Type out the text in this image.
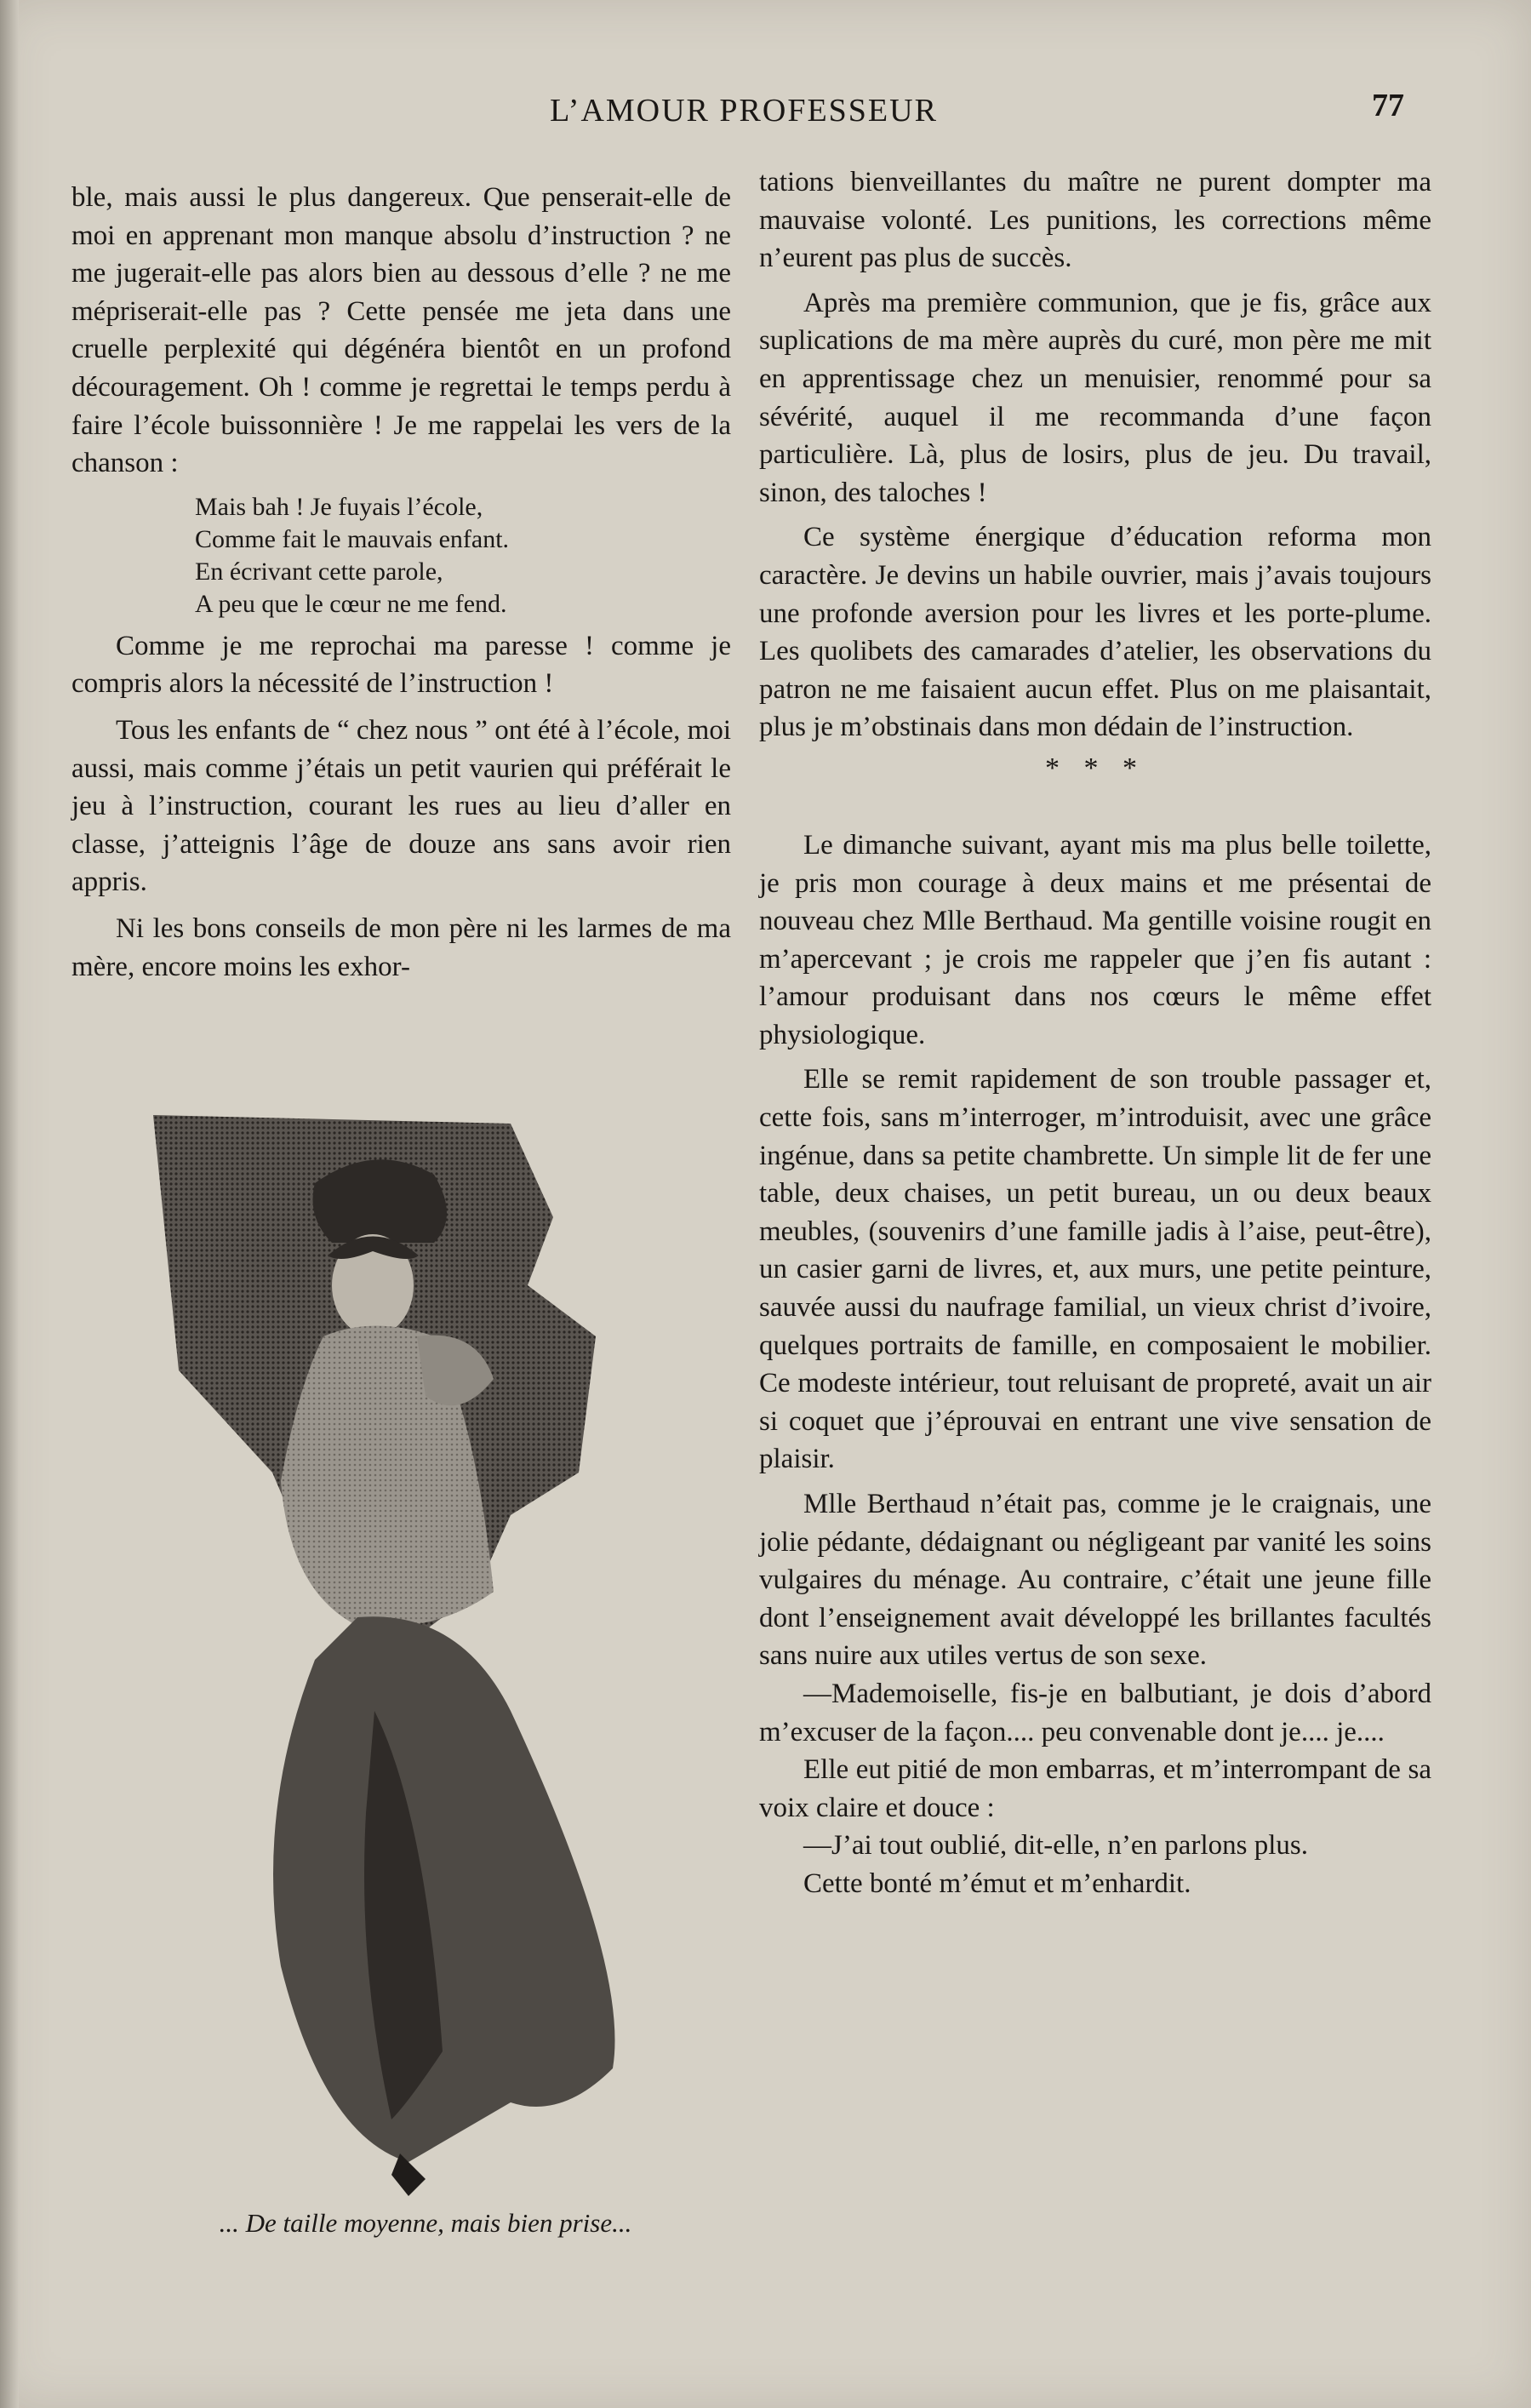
L’AMOUR PROFESSEUR	77

ble, mais aussi le plus dangereux. Que penserait-elle de moi en apprenant mon manque absolu d’instruction ? ne me jugerait-elle pas alors bien au dessous d’elle ? ne me mépriserait-elle pas ? Cette pensée me jeta dans une cruelle perplexité qui dégénéra bientôt en un profond découragement. Oh ! comme je regrettai le temps perdu à faire l’école buissonnière ! Je me rappelai les vers de la chanson :

Mais bah ! Je fuyais l’école,
Comme fait le mauvais enfant.
En écrivant cette parole,
A peu que le cœur ne me fend.

Comme je me reprochai ma paresse ! comme je compris alors la nécessité de l’instruction !

Tous les enfants de “ chez nous ” ont été à l’école, moi aussi, mais comme j’étais un petit vaurien qui préférait le jeu à l’instruction, courant les rues au lieu d’aller en classe, j’atteignis l’âge de douze ans sans avoir rien appris.

Ni les bons conseils de mon père ni les larmes de ma mère, encore moins les exhor-

... De taille moyenne, mais bien prise...

tations bienveillantes du maître ne purent dompter ma mauvaise volonté. Les punitions, les corrections même n’eurent pas plus de succès.

Après ma première communion, que je fis, grâce aux suplications de ma mère auprès du curé, mon père me mit en apprentissage chez un menuisier, renommé pour sa sévérité, auquel il me recommanda d’une façon particulière. Là, plus de losirs, plus de jeu. Du travail, sinon, des taloches !

Ce système énergique d’éducation reforma mon caractère. Je devins un habile ouvrier, mais j’avais toujours une profonde aversion pour les livres et les porte-plume. Les quolibets des camarades d’atelier, les observations du patron ne me faisaient aucun effet. Plus on me plaisantait, plus je m’obstinais dans mon dédain de l’instruction.

* * *

Le dimanche suivant, ayant mis ma plus belle toilette, je pris mon courage à deux mains et me présentai de nouveau chez Mlle Berthaud. Ma gentille voisine rougit en m’apercevant ; je crois me rappeler que j’en fis autant : l’amour produisant dans nos cœurs le même effet physiologique.

Elle se remit rapidement de son trouble passager et, cette fois, sans m’interroger, m’introduisit, avec une grâce ingénue, dans sa petite chambrette. Un simple lit de fer une table, deux chaises, un petit bureau, un ou deux beaux meubles, (souvenirs d’une famille jadis à l’aise, peut-être), un casier garni de livres, et, aux murs, une petite peinture, sauvée aussi du naufrage familial, un vieux christ d’ivoire, quelques portraits de famille, en composaient le mobilier. Ce modeste intérieur, tout reluisant de propreté, avait un air si coquet que j’éprouvai en entrant une vive sensation de plaisir.

Mlle Berthaud n’était pas, comme je le craignais, une jolie pédante, dédaignant ou négligeant par vanité les soins vulgaires du ménage. Au contraire, c’était une jeune fille dont l’enseignement avait développé les brillantes facultés sans nuire aux utiles vertus de son sexe.

—Mademoiselle, fis-je en balbutiant, je dois d’abord m’excuser de la façon.... peu convenable dont je.... je....

Elle eut pitié de mon embarras, et m’interrompant de sa voix claire et douce :

—J’ai tout oublié, dit-elle, n’en parlons plus.

Cette bonté m’émut et m’enhardit.
